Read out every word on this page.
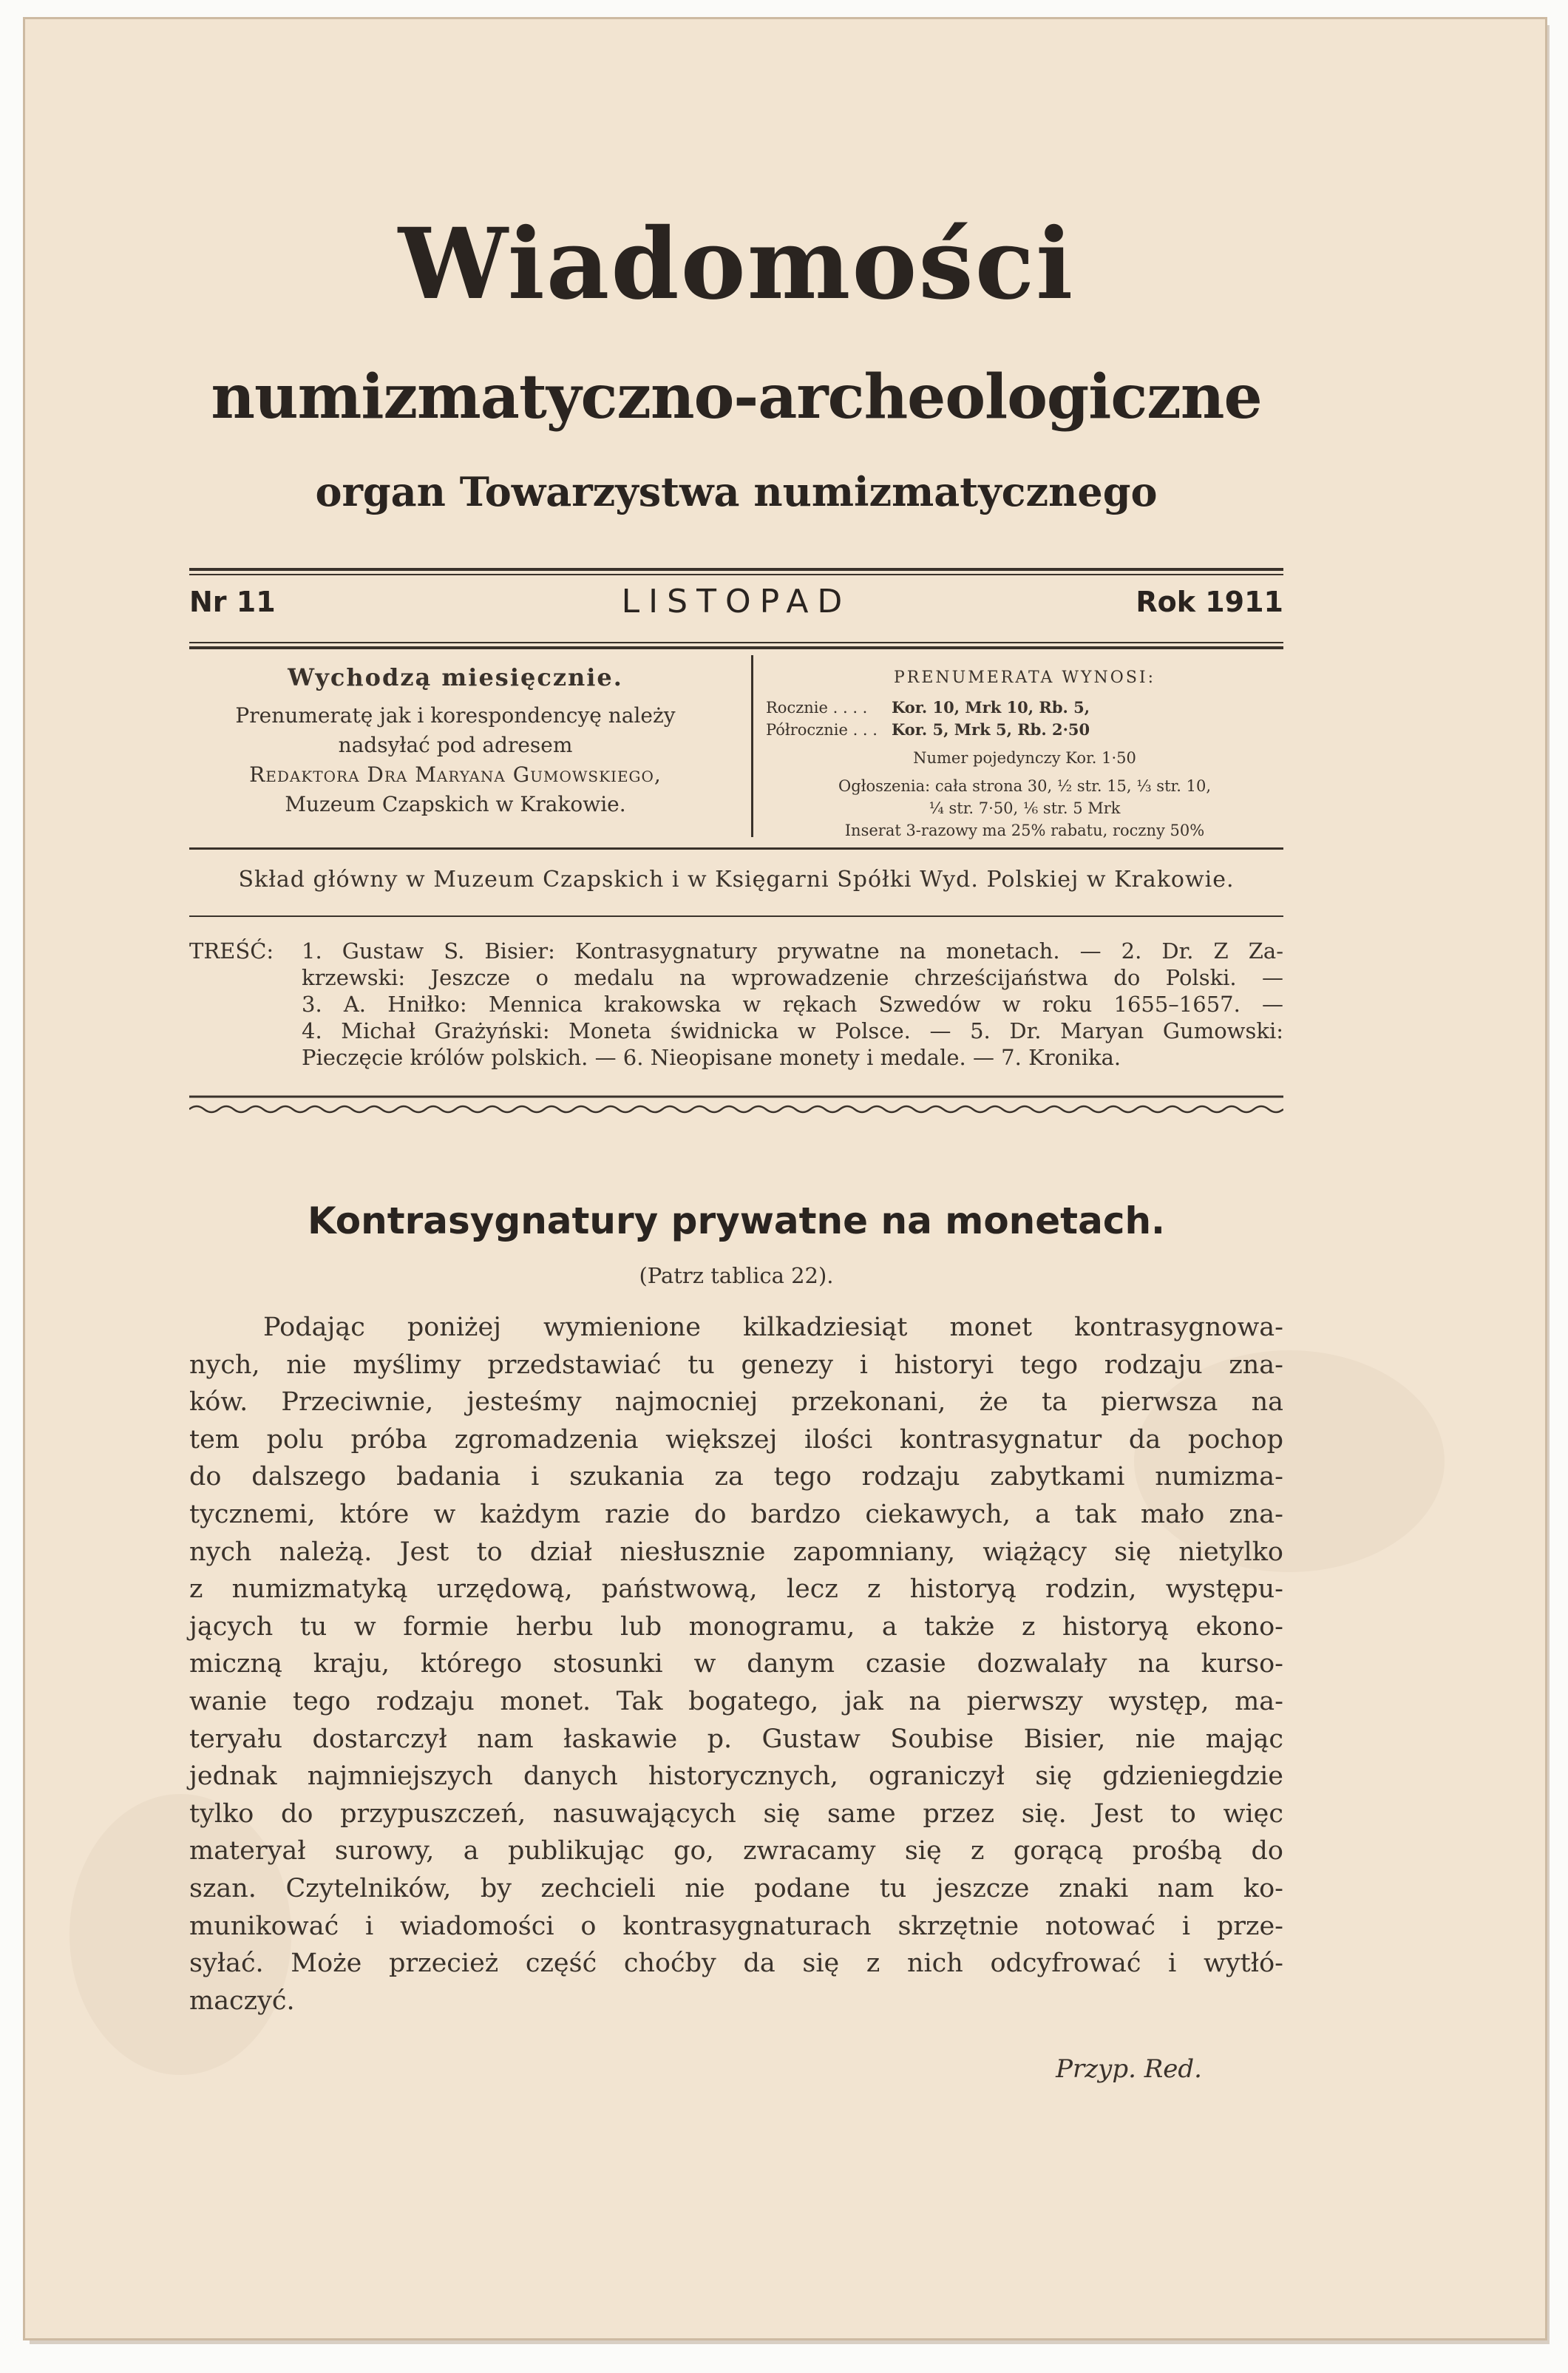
Wiadomości
numizmatyczno-archeologiczne
organ Towarzystwa numizmatycznego
Nr 11	LISTOPAD	Rok 1911
Wychodzą miesięcznie.
Prenumeratę jak i korespondencyę należy
nadsyłać pod adresem
Redaktora Dra Maryana Gumowskiego,
Muzeum Czapskich w Krakowie.
PRENUMERATA WYNOSI:
Rocznie . . . .	Kor. 10, Mrk 10, Rb. 5,
Półrocznie . . . Kor. 5, Mrk 5, Rb. 2·50
Numer pojedynczy Kor. 1·50
Ogłoszenia: cała strona 30, ½ str. 15, ⅓ str. 10,
¼ str. 7·50, ⅙ str. 5 Mrk
Inserat 3-razowy ma 25% rabatu, roczny 50%
Skład główny w Muzeum Czapskich i w Księgarni Spółki Wyd. Polskiej w Krakowie.
TREŚĆ: 1. Gustaw S. Bisier: Kontrasygnatury prywatne na monetach. — 2. Dr. Z Za-
krzewski: Jeszcze o medalu na wprowadzenie chrześcijaństwa do Polski. —
3. A. Hniłko: Mennica krakowska w rękach Szwedów w roku 1655–1657. —
4. Michał Grażyński: Moneta świdnicka w Polsce. — 5. Dr. Maryan Gumowski:
Pieczęcie królów polskich. — 6. Nieopisane monety i medale. — 7. Kronika.
Kontrasygnatury prywatne na monetach.
(Patrz tablica 22).
Podając poniżej wymienione kilkadziesiąt monet kontrasygnowa-
nych, nie myślimy przedstawiać tu genezy i historyi tego rodzaju zna-
ków. Przeciwnie, jesteśmy najmocniej przekonani, że ta pierwsza na
tem polu próba zgromadzenia większej ilości kontrasygnatur da pochop
do dalszego badania i szukania za tego rodzaju zabytkami numizma-
tycznemi, które w każdym razie do bardzo ciekawych, a tak mało zna-
nych należą. Jest to dział niesłusznie zapomniany, wiążący się nietylko
z numizmatyką urzędową, państwową, lecz z historyą rodzin, występu-
jących tu w formie herbu lub monogramu, a także z historyą ekono-
miczną kraju, którego stosunki w danym czasie dozwalały na kurso-
wanie tego rodzaju monet. Tak bogatego, jak na pierwszy występ, ma-
teryału dostarczył nam łaskawie p. Gustaw Soubise Bisier, nie mając
jednak najmniejszych danych historycznych, ograniczył się gdzieniegdzie
tylko do przypuszczeń, nasuwających się same przez się. Jest to więc
materyał surowy, a publikując go, zwracamy się z gorącą prośbą do
szan. Czytelników, by zechcieli nie podane tu jeszcze znaki nam ko-
munikować i wiadomości o kontrasygnaturach skrzętnie notować i prze-
syłać. Może przecież część choćby da się z nich odcyfrować i wytłó-
maczyć.
Przyp. Red.
